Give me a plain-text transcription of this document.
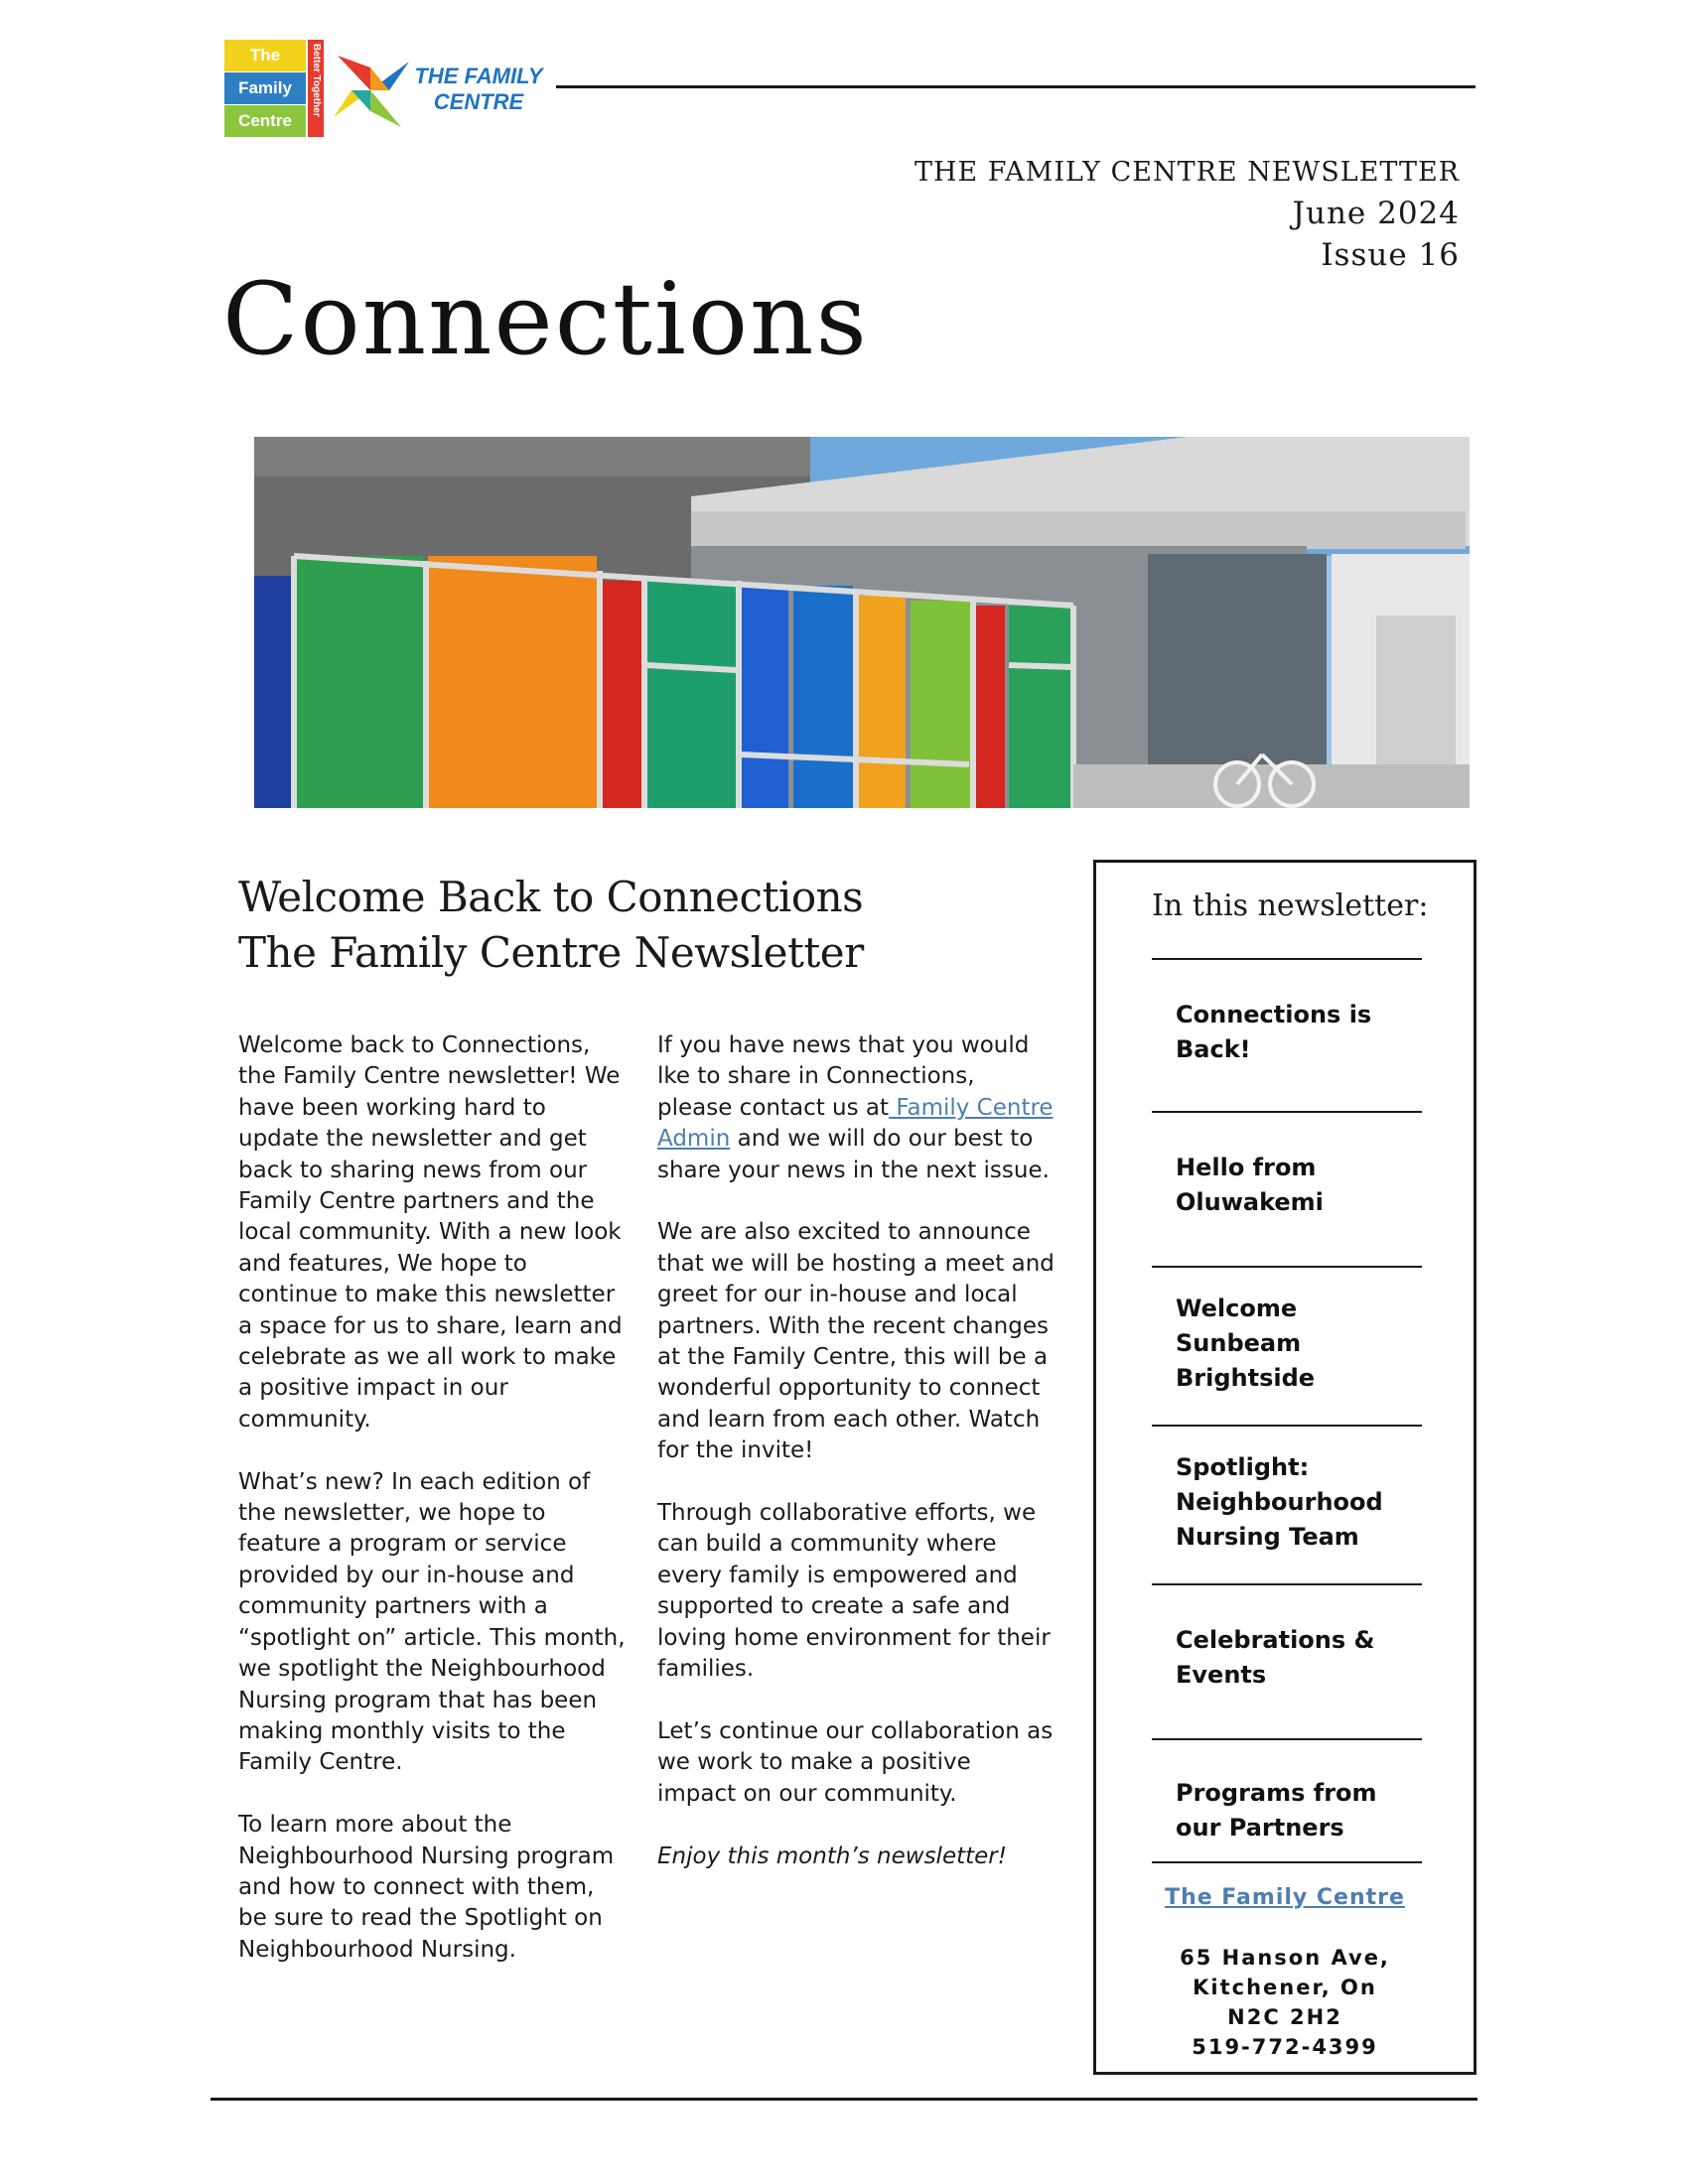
The
Family
Centre
Better Together	THE FAMILY
CENTRE
THE FAMILY CENTRE NEWSLETTER
June 2024
Issue 16
Connections
Welcome Back to Connections
The Family Centre Newsletter

Welcome back to Connections, the Family Centre newsletter! We have been working hard to update the newsletter and get back to sharing news from our Family Centre partners and the local community. With a new look and features, We hope to continue to make this newsletter a space for us to share, learn and celebrate as we all work to make a positive impact in our community.

What’s new? In each edition of the newsletter, we hope to feature a program or service provided by our in-house and community partners with a “spotlight on” article. This month, we spotlight the Neighbourhood Nursing program that has been making monthly visits to the Family Centre.

To learn more about the Neighbourhood Nursing program and how to connect with them, be sure to read the Spotlight on Neighbourhood Nursing.

If you have news that you would lke to share in Connections, please contact us at Family Centre Admin and we will do our best to share your news in the next issue.

We are also excited to announce that we will be hosting a meet and greet for our in-house and local partners. With the recent changes at the Family Centre, this will be a wonderful opportunity to connect and learn from each other. Watch for the invite!

Through collaborative efforts, we can build a community where every family is empowered and supported to create a safe and loving home environment for their families.

Let’s continue our collaboration as we work to make a positive impact on our community.

Enjoy this month’s newsletter!

In this newsletter:
Connections is Back!
Hello from Oluwakemi
Welcome Sunbeam Brightside
Spotlight: Neighbourhood Nursing Team
Celebrations & Events
Programs from our Partners
The Family Centre
65 Hanson Ave,
Kitchener, On
N2C 2H2
519-772-4399
